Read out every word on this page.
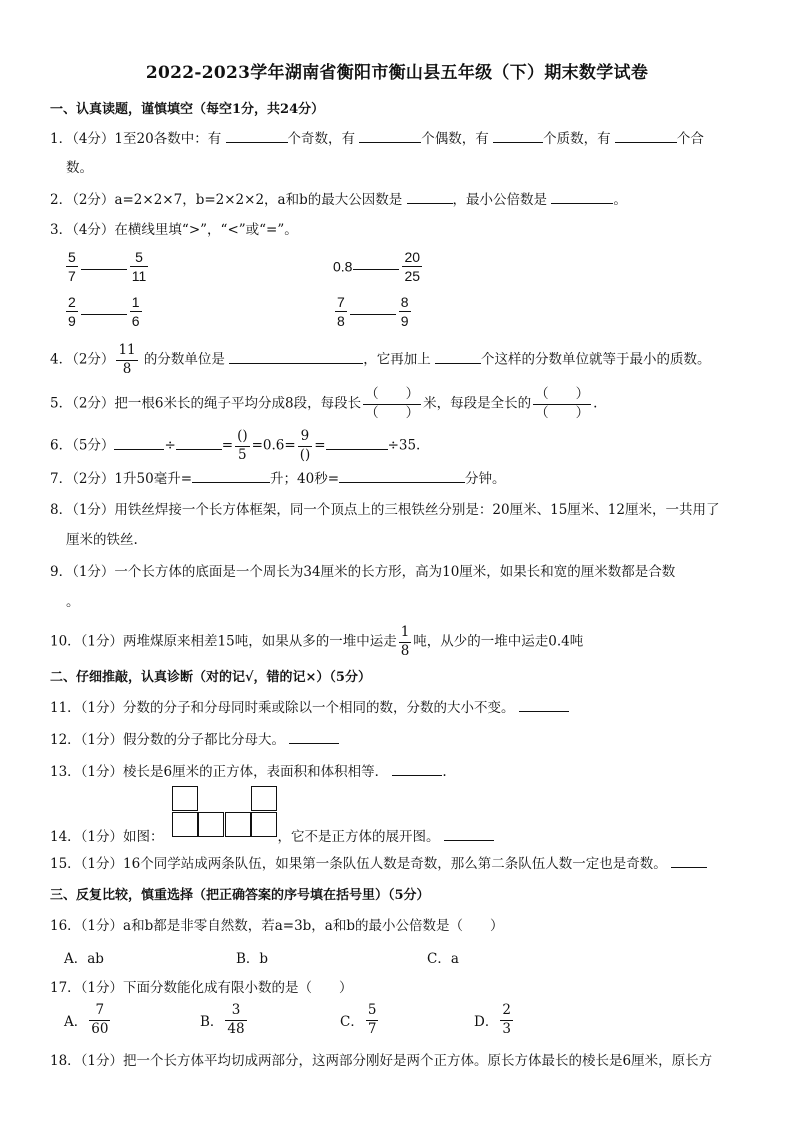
2022-2023学年湖南省衡阳市衡山县五年级（下）期末数学试卷
一、认真读题，谨慎填空（每空1分，共24分）
1．（4分）1至20各数中：有	个奇数，有	个偶数，有	个质数，有	个合
数。
2．（2分）a=2×2×7，b=2×2×2，a和b的最大公因数是	，最小公倍数是	。
3．（4分）在横线里填“>”，“<”或“=”。
$\frac{5}{7}$	$\frac{5}{11}$	0.8	$\frac{20}{25}$
$\frac{2}{9}$	$\frac{1}{6}$	$\frac{7}{8}$	$\frac{8}{9}$
4．（2分） $\frac{11}{8}$ 的分数单位是	，它再加上	个这样的分数单位就等于最小的质数。
5．（2分）把一根6米长的绳子平均分成8段，每段长 $\frac{( )}{( )}$ 米，每段是全长的 $\frac{( )}{( )}$ .
6．（5分）	÷	= $\frac{()}{5} =0.6= \frac{9}{()}$ =	÷35.
7．（2分）1升50毫升=	升；40秒=	分钟。
8．（1分）用铁丝焊接一个长方体框架，同一个顶点上的三根铁丝分别是：20厘米、15厘米、12厘米，一共用了
厘米的铁丝.
9．（1分）一个长方体的底面是一个周长为34厘米的长方形，高为10厘米，如果长和宽的厘米数都是合数
。
10．（1分）两堆煤原来相差15吨，如果从多的一堆中运走 $\frac{1}{8}$ 吨，从少的一堆中运走0.4吨
二、仔细推敲，认真诊断（对的记√，错的记×）（5分）
11．（1分）分数的分子和分母同时乘或除以一个相同的数，分数的大小不变。
12．（1分）假分数的分子都比分母大。
13．（1分）棱长是6厘米的正方体，表面积和体积相等．	.
14．（1分）如图：	，它不是正方体的展开图。
15．（1分）16个同学站成两条队伍，如果第一条队伍人数是奇数，那么第二条队伍人数一定也是奇数。
三、反复比较，慎重选择（把正确答案的序号填在括号里）（5分）
16．（1分）a和b都是非零自然数，若a=3b，a和b的最小公倍数是（　　）
A．ab	B．b	C．a
17．（1分）下面分数能化成有限小数的是（　　）
A． $\frac{7}{60}$	B． $\frac{3}{48}$	C． $\frac{5}{7}$	D． $\frac{2}{3}$
18．（1分）把一个长方体平均切成两部分，这两部分刚好是两个正方体。原长方体最长的棱长是6厘米，原长方
